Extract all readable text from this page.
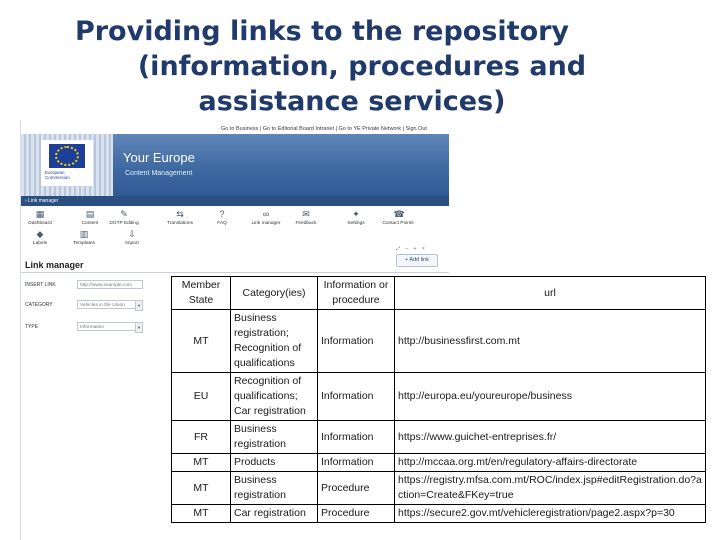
Providing links to the repository
(information, procedures and
assistance services)
Go to Business | Go to Editorial Board Intranet | Go to YE Private Network | Sign Out
European
Commission
Your Europe
Content Management
› Link manager
▦
Dashboard
▤
Content
✎
DGTP Editing
⇆
Translations
?
FAQ
∞
Link manager
✉
Feedback
✦
Settings
☎
Contact Points
◆
Labels
▥
Templates
⇩
Import
⤢ – + ×
+ Add link
Link manager
INSERT LINK	http://www.example.com
CATEGORY	Vehicles in the Union	▼
TYPE	Information	▼
Member State	Category(ies)	Information or procedure	url
MT	Business registration; Recognition of qualifications	Information	http://businessfirst.com.mt
EU	Recognition of qualifications; Car registration	Information	http://europa.eu/youreurope/business
FR	Business registration	Information	https://www.guichet-entreprises.fr/
MT	Products	Information	http://mccaa.org.mt/en/regulatory-affairs-directorate
MT	Business registration	Procedure	https://registry.mfsa.com.mt/ROC/index.jsp#editRegistration.do?action=Create&FKey=true
MT	Car registration	Procedure	https://secure2.gov.mt/vehicleregistration/page2.aspx?p=30
